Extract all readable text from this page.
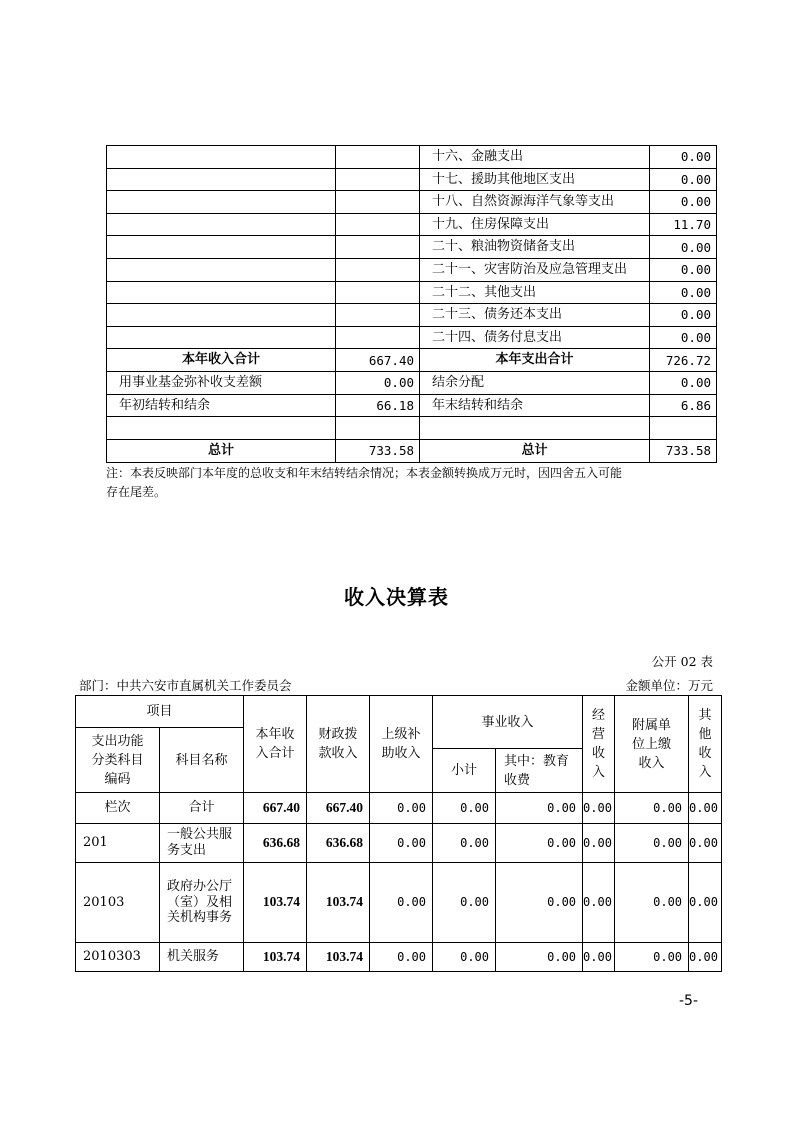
		十六、金融支出	0.00
		十七、援助其他地区支出	0.00
		十八、自然资源海洋气象等支出	0.00
		十九、住房保障支出	11.70
		二十、粮油物资储备支出	0.00
		二十一、灾害防治及应急管理支出	0.00
		二十二、其他支出	0.00
		二十三、债务还本支出	0.00
		二十四、债务付息支出	0.00
本年收入合计	667.40	本年支出合计	726.72
用事业基金弥补收支差额	0.00	结余分配	0.00
年初结转和结余	66.18	年末结转和结余	6.86

总计	733.58	总计	733.58
注：本表反映部门本年度的总收支和年末结转结余情况；本表金额转换成万元时，因四舍五入可能
存在尾差。
收入决算表
公开 02 表
部门：中共六安市直属机关工作委员会	金额单位：万元
项目		本年收入合计	财政拨款收入	上级补助收入	事业收入		经营收入	附属单位上缴收入	其他收入

支出功能分类科目编码	科目名称								
					小计	其中：教育收费			

栏次	合计	667.40	667.40	0.00	0.00	0.00	0.00	0.00	0.00
201	一般公共服务支出	636.68	636.68	0.00	0.00	0.00	0.00	0.00	0.00
20103	政府办公厅（室）及相关机构事务	103.74	103.74	0.00	0.00	0.00	0.00	0.00	0.00
2010303	机关服务	103.74	103.74	0.00	0.00	0.00	0.00	0.00	0.00
-5-
